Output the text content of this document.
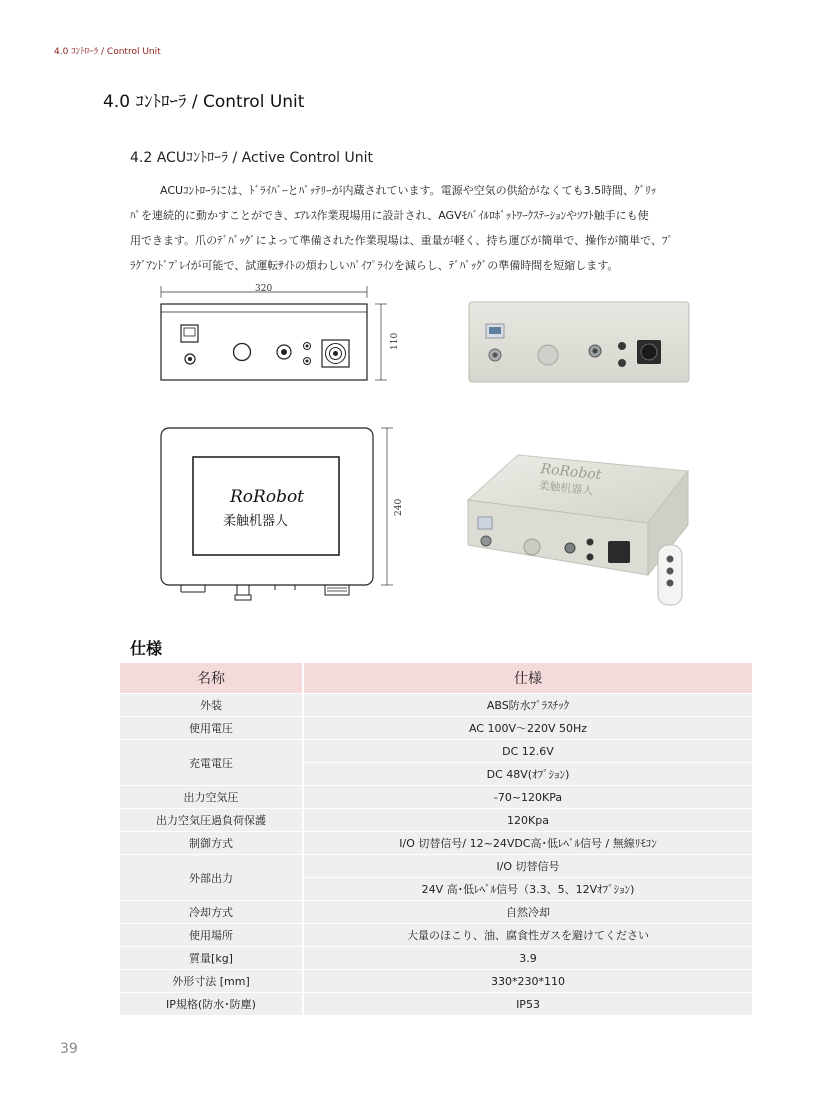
4.0 ｺﾝﾄﾛｰﾗ / Control Unit
4.0 ｺﾝﾄﾛｰﾗ / Control Unit
4.2 ACUｺﾝﾄﾛｰﾗ / Active Control Unit
ACUｺﾝﾄﾛｰﾗには、ﾄﾞﾗｲﾊﾞｰとﾊﾞｯﾃﾘｰが内蔵されています。電源や空気の供給がなくても3.5時間、ｸﾞﾘｯ
ﾊﾟを連続的に動かすことができ、ｴｱﾚｽ作業現場用に設計され、AGVﾓﾊﾞｲﾙﾛﾎﾞｯﾄﾜｰｸｽﾃｰｼｮﾝやｿﾌﾄ触手にも使
用できます。爪のﾃﾞﾊﾞｯｸﾞによって準備された作業現場は、重量が軽く、持ち運びが簡単で、操作が簡単で、ﾌﾟ
ﾗｸﾞｱﾝﾄﾞﾌﾟﾚｲが可能で、試運転ｻｲﾄの煩わしいﾊﾟｲﾌﾟﾗｲﾝを減らし、ﾃﾞﾊﾞｯｸﾞの準備時間を短縮します。
320
110
RoRobot
柔触机器人
240
RoRobot
柔触机器人
仕様
名称	仕様
外装	ABS防水ﾌﾟﾗｽﾁｯｸ
使用電圧	AC 100V～220V 50Hz
充電電圧	DC 12.6V
	DC 48V(ｵﾌﾟｼｮﾝ)
出力空気圧	-70~120KPa
出力空気圧過負荷保護	120Kpa
制御方式	I/O 切替信号/ 12~24VDC高･低ﾚﾍﾞﾙ信号 / 無線ﾘﾓｺﾝ
外部出力	I/O 切替信号
	24V 高･低ﾚﾍﾞﾙ信号（3.3、5、12Vｵﾌﾟｼｮﾝ)
冷却方式	自然冷却
使用場所	大量のほこり、油、腐食性ガスを避けてください
質量[kg]	3.9
外形寸法 [mm]	330*230*110
IP規格(防水･防塵)	IP53
39
